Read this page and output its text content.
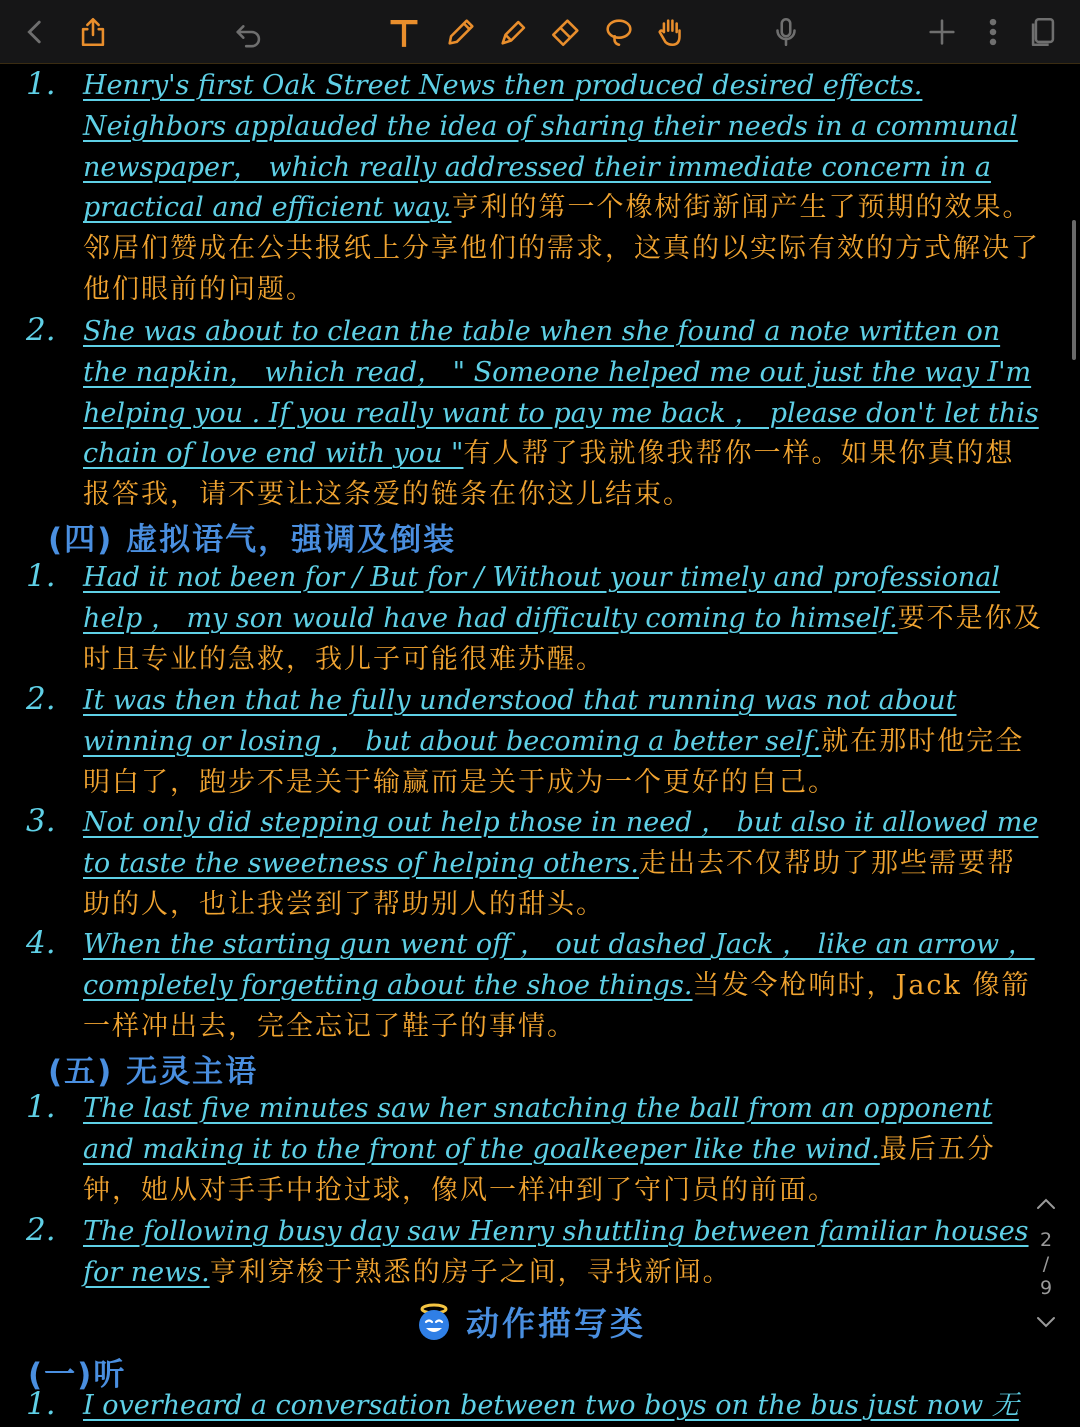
1.	Henry's first Oak Street News then produced desired effects. Neighbors applauded the idea of sharing their needs in a communal newspaper， which really addressed their immediate concern in a practical and efficient way.亨利的第一个橡树街新闻产生了预期的效果。邻居们赞成在公共报纸上分享他们的需求，这真的以实际有效的方式解决了他们眼前的问题。
2.	She was about to clean the table when she found a note written on the napkin， which read， " Someone helped me out just the way I'm helping you . If you really want to pay me back ， please don't let this chain of love end with you "有人帮了我就像我帮你一样。如果你真的想报答我，请不要让这条爱的链条在你这儿结束。
(四) 虚拟语气，强调及倒装
1.	Had it not been for / But for / Without your timely and professional help ， my son would have had difficulty coming to himself.要不是你及时且专业的急救，我儿子可能很难苏醒。
2.	It was then that he fully understood that running was not about winning or losing ， but about becoming a better self.就在那时他完全明白了，跑步不是关于输赢而是关于成为一个更好的自己。
3.	Not only did stepping out help those in need ， but also it allowed me to taste the sweetness of helping others.走出去不仅帮助了那些需要帮助的人，也让我尝到了帮助别人的甜头。
4.	When the starting gun went off ， out dashed Jack ， like an arrow ， completely forgetting about the shoe things.当发令枪响时，Jack 像箭一样冲出去，完全忘记了鞋子的事情。
(五) 无灵主语
1.	The last five minutes saw her snatching the ball from an opponent and making it to the front of the goalkeeper like the wind.最后五分钟，她从对手手中抢过球，像风一样冲到了守门员的前面。
2.	The following busy day saw Henry shuttling between familiar houses for news.亨利穿梭于熟悉的房子之间，寻找新闻。
动作描写类
(一)听
1.	I overheard a conversation between two boys on the bus just now 无
2
/
9
